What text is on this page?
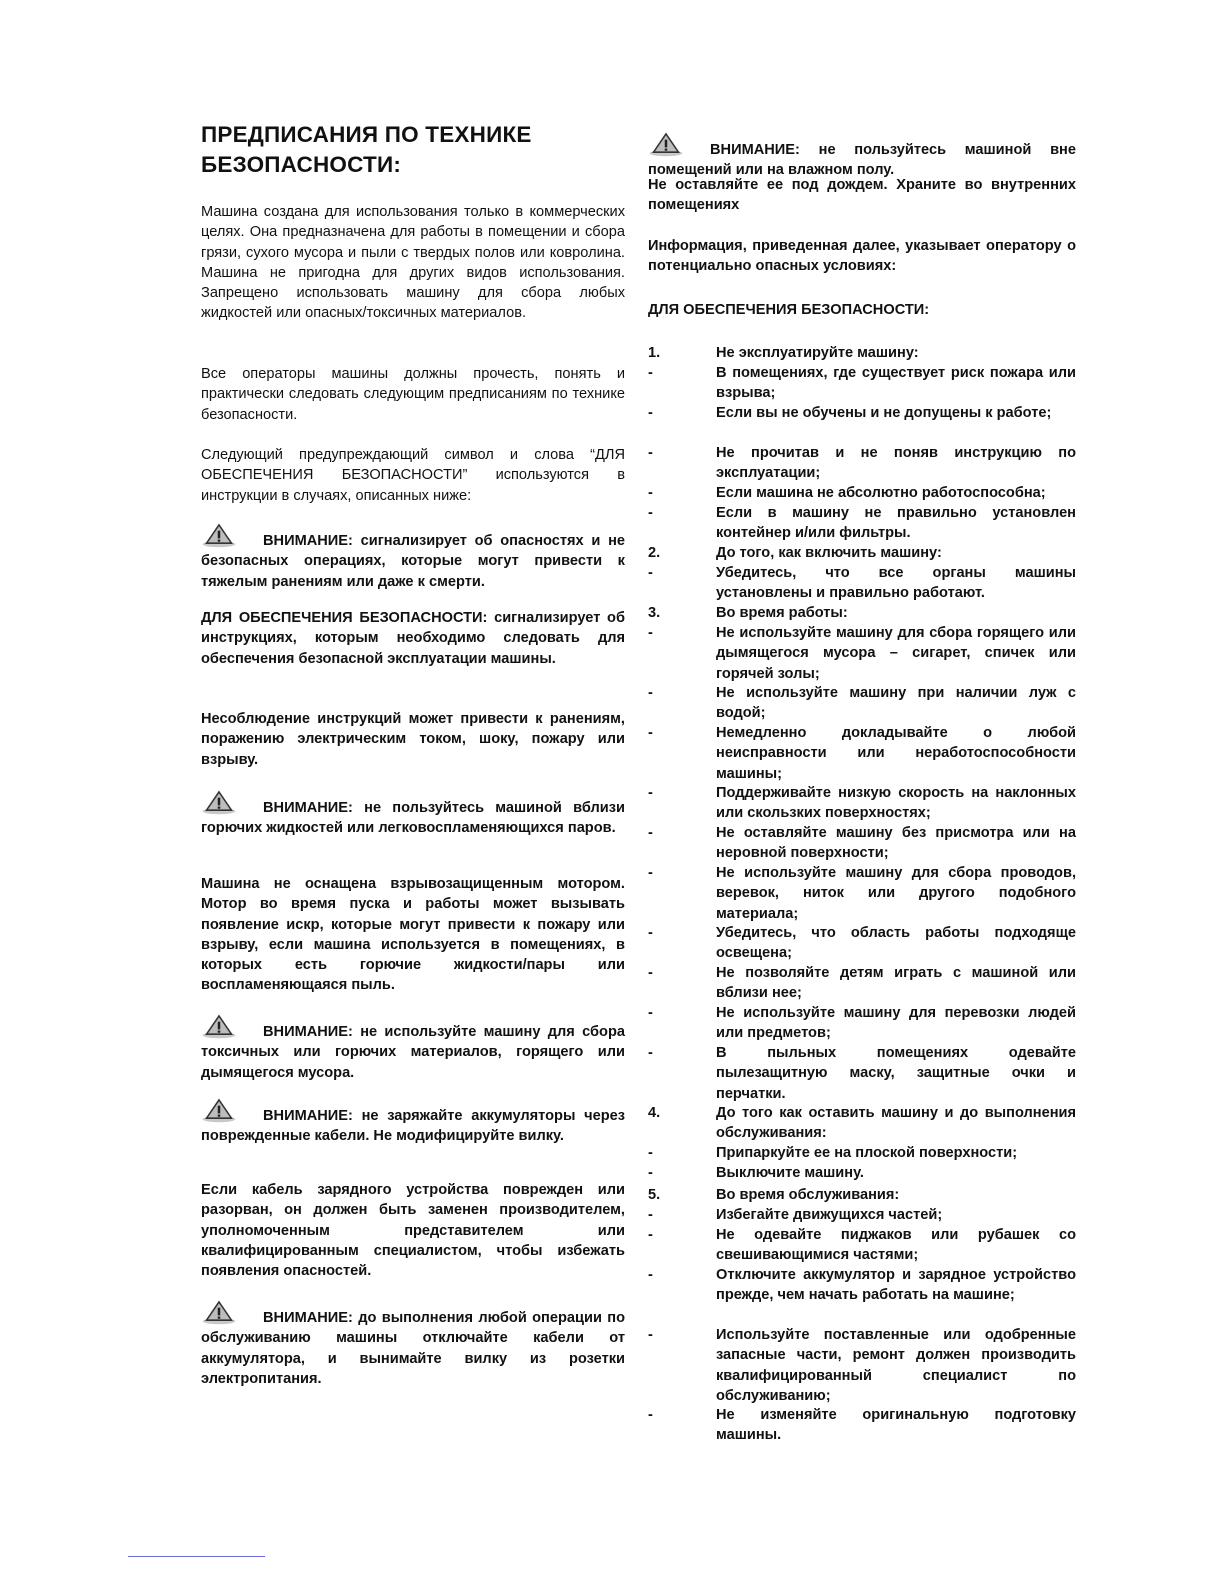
ПРЕДПИСАНИЯ ПО ТЕХНИКЕ БЕЗОПАСНОСТИ:

Машина создана для использования только в коммерческих целях. Она предназначена для работы в помещении и сбора грязи, сухого мусора и пыли с твердых полов или ковролина. Машина не пригодна для других видов использования. Запрещено использовать машину для сбора любых жидкостей или опасных/токсичных материалов.

Все операторы машины должны прочесть, понять и практически следовать следующим предписаниям по технике безопасности.

Следующий предупреждающий символ и слова “ДЛЯ ОБЕСПЕЧЕНИЯ БЕЗОПАСНОСТИ” используются в инструкции в случаях, описанных ниже:

ВНИМАНИЕ: сигнализирует об опасностях и не безопасных операциях, которые могут привести к тяжелым ранениям или даже к смерти.

ДЛЯ ОБЕСПЕЧЕНИЯ БЕЗОПАСНОСТИ: сигнализирует об инструкциях, которым необходимо следовать для обеспечения безопасной эксплуатации машины.

Несоблюдение инструкций может привести к ранениям, поражению электрическим током, шоку, пожару или взрыву.

ВНИМАНИЕ: не пользуйтесь машиной вблизи горючих жидкостей или легковоспламеняющихся паров.

Машина не оснащена взрывозащищенным мотором. Мотор во время пуска и работы может вызывать появление искр, которые могут привести к пожару или взрыву, если машина используется в помещениях, в которых есть горючие жидкости/пары или воспламеняющаяся пыль.

ВНИМАНИЕ: не используйте машину для сбора токсичных или горючих материалов, горящего или дымящегося мусора.

ВНИМАНИЕ: не заряжайте аккумуляторы через поврежденные кабели. Не модифицируйте вилку.

Если кабель зарядного устройства поврежден или разорван, он должен быть заменен производителем, уполномоченным представителем или квалифицированным специалистом, чтобы избежать появления опасностей.

ВНИМАНИЕ: до выполнения любой операции по обслуживанию машины отключайте кабели от аккумулятора, и вынимайте вилку из розетки электропитания.

ВНИМАНИЕ: не пользуйтесь машиной вне помещений или на влажном полу.

Не оставляйте ее под дождем. Храните во внутренних помещениях

Информация, приведенная далее, указывает оператору о потенциально опасных условиях:

ДЛЯ ОБЕСПЕЧЕНИЯ БЕЗОПАСНОСТИ:

1.	Не эксплуатируйте машину:
-	В помещениях, где существует риск пожара или взрыва;
-	Если вы не обучены и не допущены к работе;
-	Не прочитав и не поняв инструкцию по эксплуатации;
-	Если машина не абсолютно работоспособна;
-	Если в машину не правильно установлен контейнер и/или фильтры.
2.	До того, как включить машину:
-	Убедитесь, что все органы машины установлены и правильно работают.
3.	Во время работы:
-	Не используйте машину для сбора горящего или дымящегося мусора – сигарет, спичек или горячей золы;
-	Не используйте машину при наличии луж с водой;
-	Немедленно докладывайте о любой неисправности или неработоспособности машины;
-	Поддерживайте низкую скорость на наклонных или скользких поверхностях;
-	Не оставляйте машину без присмотра или на неровной поверхности;
-	Не используйте машину для сбора проводов, веревок, ниток или другого подобного материала;
-	Убедитесь, что область работы подходяще освещена;
-	Не позволяйте детям играть с машиной или вблизи нее;
-	Не используйте машину для перевозки людей или предметов;
-	В пыльных помещениях одевайте пылезащитную маску, защитные очки и перчатки.
4.	До того как оставить машину и до выполнения обслуживания:
-	Припаркуйте ее на плоской поверхности;
-	Выключите машину.
5.	Во время обслуживания:
-	Избегайте движущихся частей;
-	Не одевайте пиджаков или рубашек со свешивающимися частями;
-	Отключите аккумулятор и зарядное устройство прежде, чем начать работать на машине;
-	Используйте поставленные или одобренные запасные части, ремонт должен производить квалифицированный специалист по обслуживанию;
-	Не изменяйте оригинальную подготовку машины.
